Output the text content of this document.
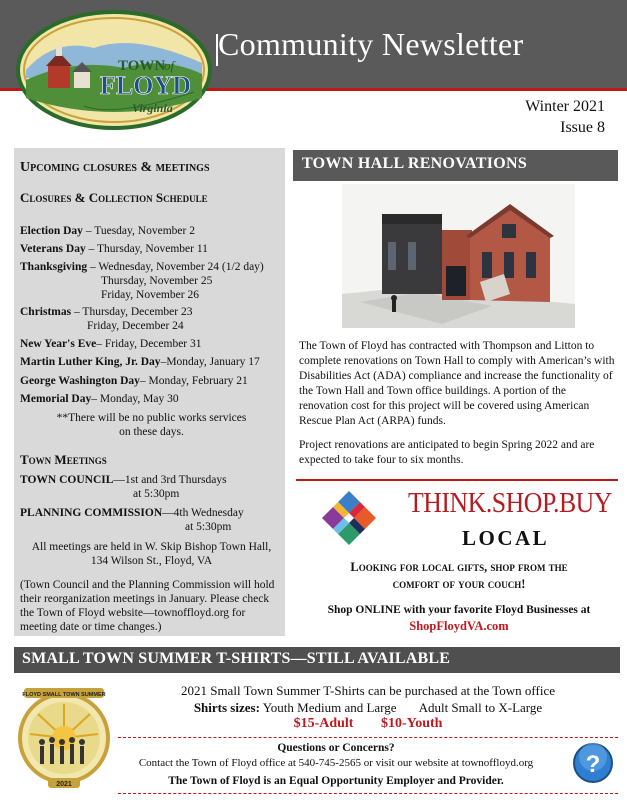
Community Newsletter
TOWN
of
FLOYD
Virginia	Winter 2021
Issue 8
Upcoming closures & meetings
Closures & Collection Schedule
Election Day – Tuesday, November 2
Veterans Day – Thursday, November 11
Thanksgiving – Wednesday, November 24 (1/2 day)
Thursday, November 25
Friday, November 26
Christmas – Thursday, December 23
Friday, December 24
New Year's Eve– Friday, December 31
Martin Luther King, Jr. Day–Monday, January 17
George Washington Day– Monday, February 21
Memorial Day– Monday, May 30
**There will be no public works services
on these days.
Town Meetings
TOWN COUNCIL—1st and 3rd Thursdays
at 5:30pm
PLANNING COMMISSION—4th Wednesday
at 5:30pm
All meetings are held in W. Skip Bishop Town Hall,
134 Wilson St., Floyd, VA
(Town Council and the Planning Commission will hold their reorganization meetings in January. Please check the Town of Floyd website—townoffloyd.org for meeting date or time changes.)
TOWN HALL RENOVATIONS
The Town of Floyd has contracted with Thompson and Litton to complete renovations on Town Hall to comply with American’s with Disabilities Act (ADA) compliance and increase the functionality of the Town Hall and Town office buildings. A portion of the renovation cost for this project will be covered using American Rescue Plan Act (ARPA) funds.
Project renovations are anticipated to begin Spring 2022 and are expected to take four to six months.
THINK.SHOP.BUY
LOCAL
Looking for local gifts, shop from the
comfort of your couch!
Shop ONLINE with your favorite Floyd Businesses at
ShopFloydVA.com
SMALL TOWN SUMMER T-SHIRTS—STILL AVAILABLE
FLOYD SMALL TOWN SUMMER
2021
2021 Small Town Summer T-Shirts can be purchased at the Town office
Shirts sizes: Youth Medium and Large       Adult Small to X-Large
$15-Adult $10-Youth
Questions or Concerns?
Contact the Town of Floyd office at 540-745-2565 or visit our website at townoffloyd.org
The Town of Floyd is an Equal Opportunity Employer and Provider.
?
